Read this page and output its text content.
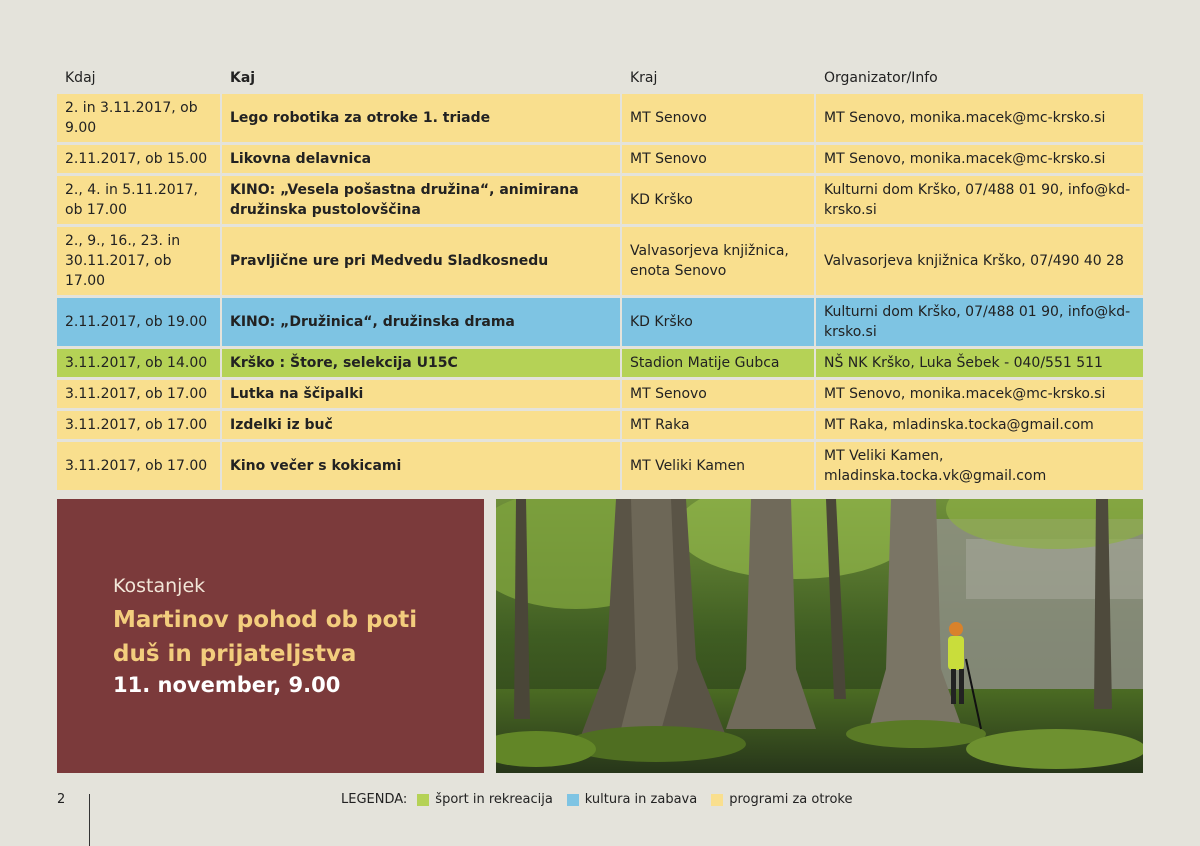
Kdaj	Kaj	Kraj	Organizator/Info
2. in 3.11.2017, ob 9.00	Lego robotika za otroke 1. triade	MT Senovo	MT Senovo, monika.macek@mc-krsko.si
2.11.2017, ob 15.00	Likovna delavnica	MT Senovo	MT Senovo, monika.macek@mc-krsko.si
2., 4. in 5.11.2017, ob 17.00	KINO: „Vesela pošastna družina“, animirana družinska pustolovščina	KD Krško	Kulturni dom Krško, 07/488 01 90, info@kd-krsko.si
2., 9., 16., 23. in 30.11.2017, ob 17.00	Pravljične ure pri Medvedu Sladkosnedu	Valvasorjeva knjižnica, enota Senovo	Valvasorjeva knjižnica Krško, 07/490 40 28
2.11.2017, ob 19.00	KINO: „Družinica“, družinska drama	KD Krško	Kulturni dom Krško, 07/488 01 90, info@kd-krsko.si
3.11.2017, ob 14.00	Krško : Štore, selekcija U15C	Stadion Matije Gubca	NŠ NK Krško, Luka Šebek - 040/551 511
3.11.2017, ob 17.00	Lutka na ščipalki	MT Senovo	MT Senovo, monika.macek@mc-krsko.si
3.11.2017, ob 17.00	Izdelki iz buč	MT Raka	MT Raka, mladinska.tocka@gmail.com
3.11.2017, ob 17.00	Kino večer s kokicami	MT Veliki Kamen	MT Veliki Kamen, mladinska.tocka.vk@gmail.com
Kostanjek
Martinov pohod ob poti duš in prijateljstva
11. november, 9.00
2	LEGENDA: šport in rekreacija kultura in zabava programi za otroke
